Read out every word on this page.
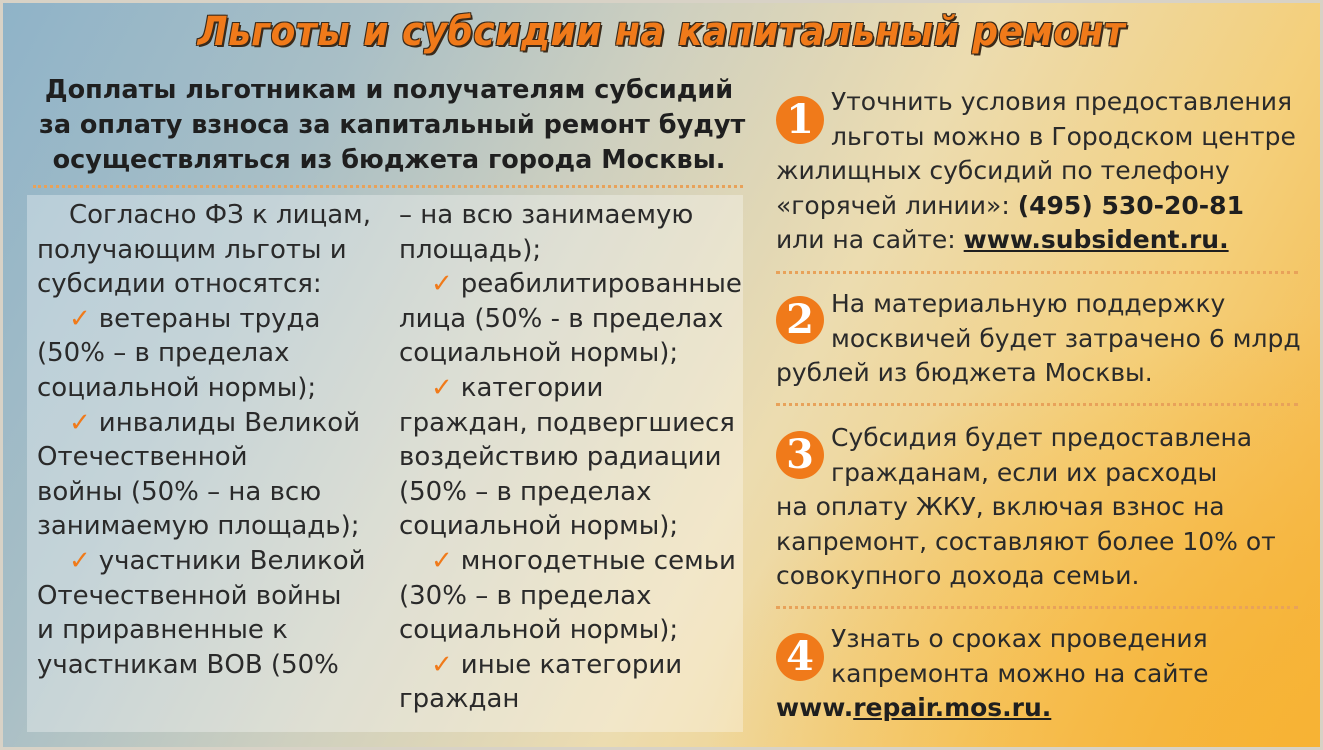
Льготы и субсидии на капитальный ремонт
Доплаты льготникам и получателям субсидий
за оплату взноса за капитальный ремонт будут
осуществляться из бюджета города Москвы.
Согласно ФЗ к лицам,
получающим льготы и
субсидии относятся:
✓ ветераны труда
(50% – в пределах
социальной нормы);
✓ инвалиды Великой
Отечественной
войны (50% – на всю
занимаемую площадь);
✓ участники Великой
Отечественной войны
и приравненные к
участникам ВОВ (50%
– на всю занимаемую
площадь);
✓ реабилитированные
лица (50% - в пределах
социальной нормы);
✓ категории
граждан, подвергшиеся
воздействию радиации
(50% – в пределах
социальной нормы);
✓ многодетные семьи
(30% – в пределах
социальной нормы);
✓ иные категории
граждан
1 Уточнить условия предоставления
льготы можно в Городском центре
жилищных субсидий по телефону
«горячей линии»: (495) 530-20-81
или на сайте: www.subsident.ru.
2 На материальную поддержку
москвичей будет затрачено 6 млрд
рублей из бюджета Москвы.
3 Субсидия будет предоставлена
гражданам, если их расходы
на оплату ЖКУ, включая взнос на
капремонт, составляют более 10% от
совокупного дохода семьи.
4 Узнать о сроках проведения
капремонта можно на сайте
www.repair.mos.ru.
